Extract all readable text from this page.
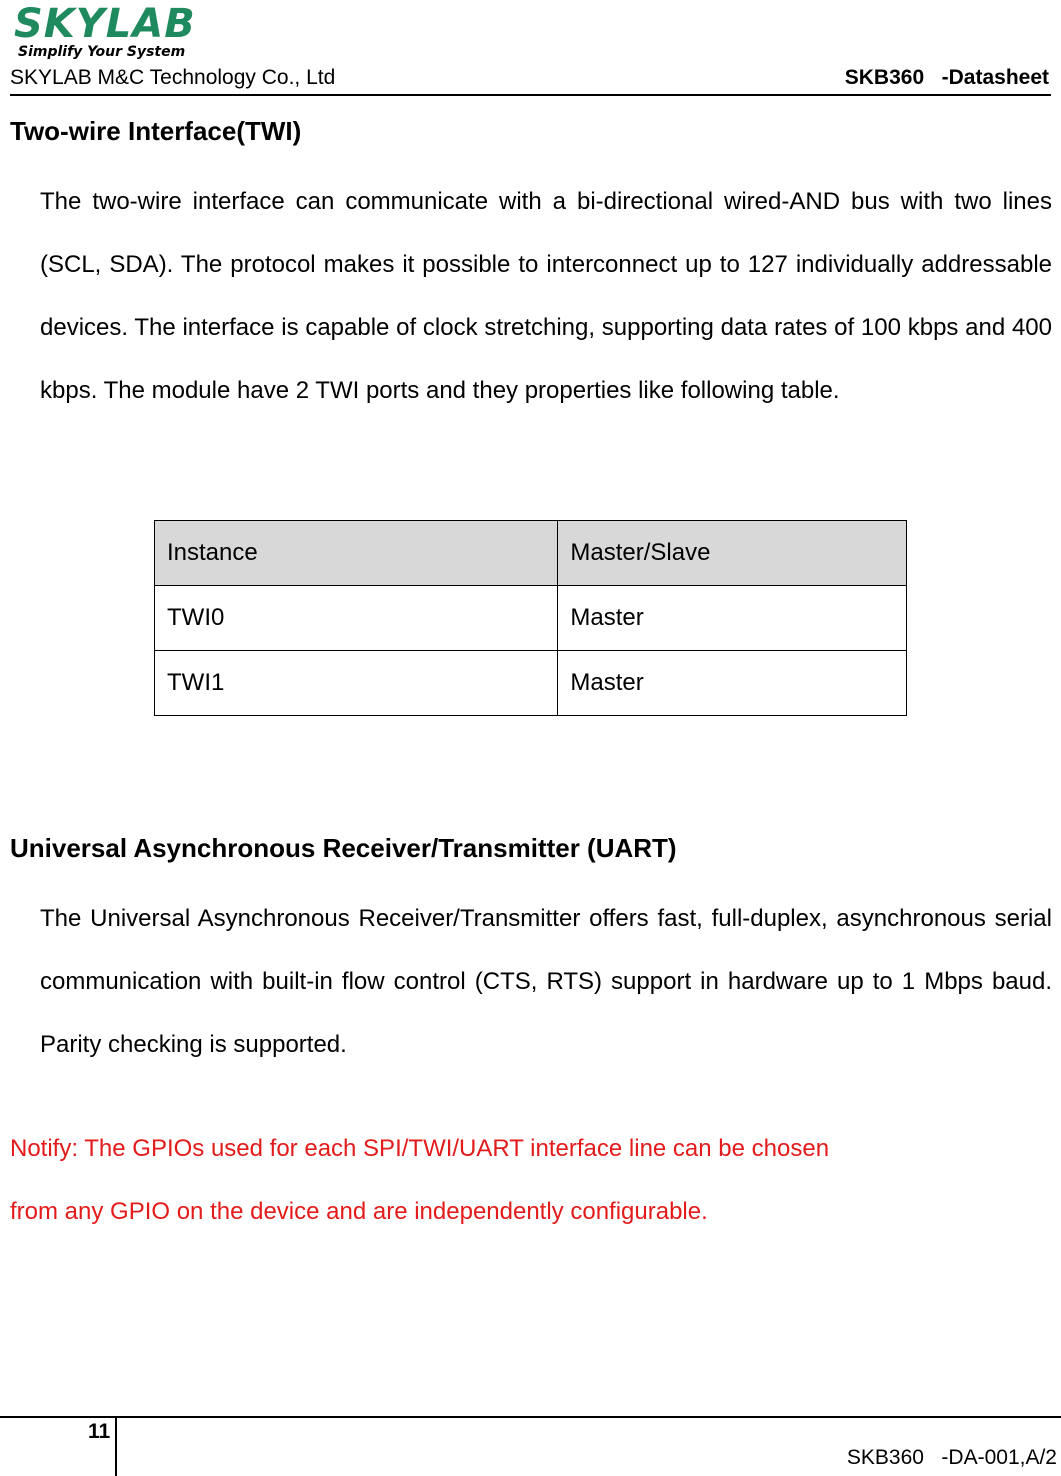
SKYLAB
Simplify Your System
SKYLAB M&C Technology Co., Ltd	SKB360   -Datasheet
Two-wire Interface(TWI)

The two-wire interface can communicate with a bi-directional wired-AND bus with two lines (SCL, SDA). The protocol makes it possible to interconnect up to 127 individually addressable devices. The interface is capable of clock stretching, supporting data rates of 100 kbps and 400 kbps. The module have 2 TWI ports and they properties like following table.

Instance	Master/Slave
TWI0	Master
TWI1	Master
Universal Asynchronous Receiver/Transmitter (UART)

The Universal Asynchronous Receiver/Transmitter offers fast, full-duplex, asynchronous serial communication with built-in flow control (CTS, RTS) support in hardware up to 1 Mbps baud. Parity checking is supported.

Notify: The GPIOs used for each SPI/TWI/UART interface line can be chosen
from any GPIO on the device and are independently configurable.
11
SKB360   -DA-001,A/2
